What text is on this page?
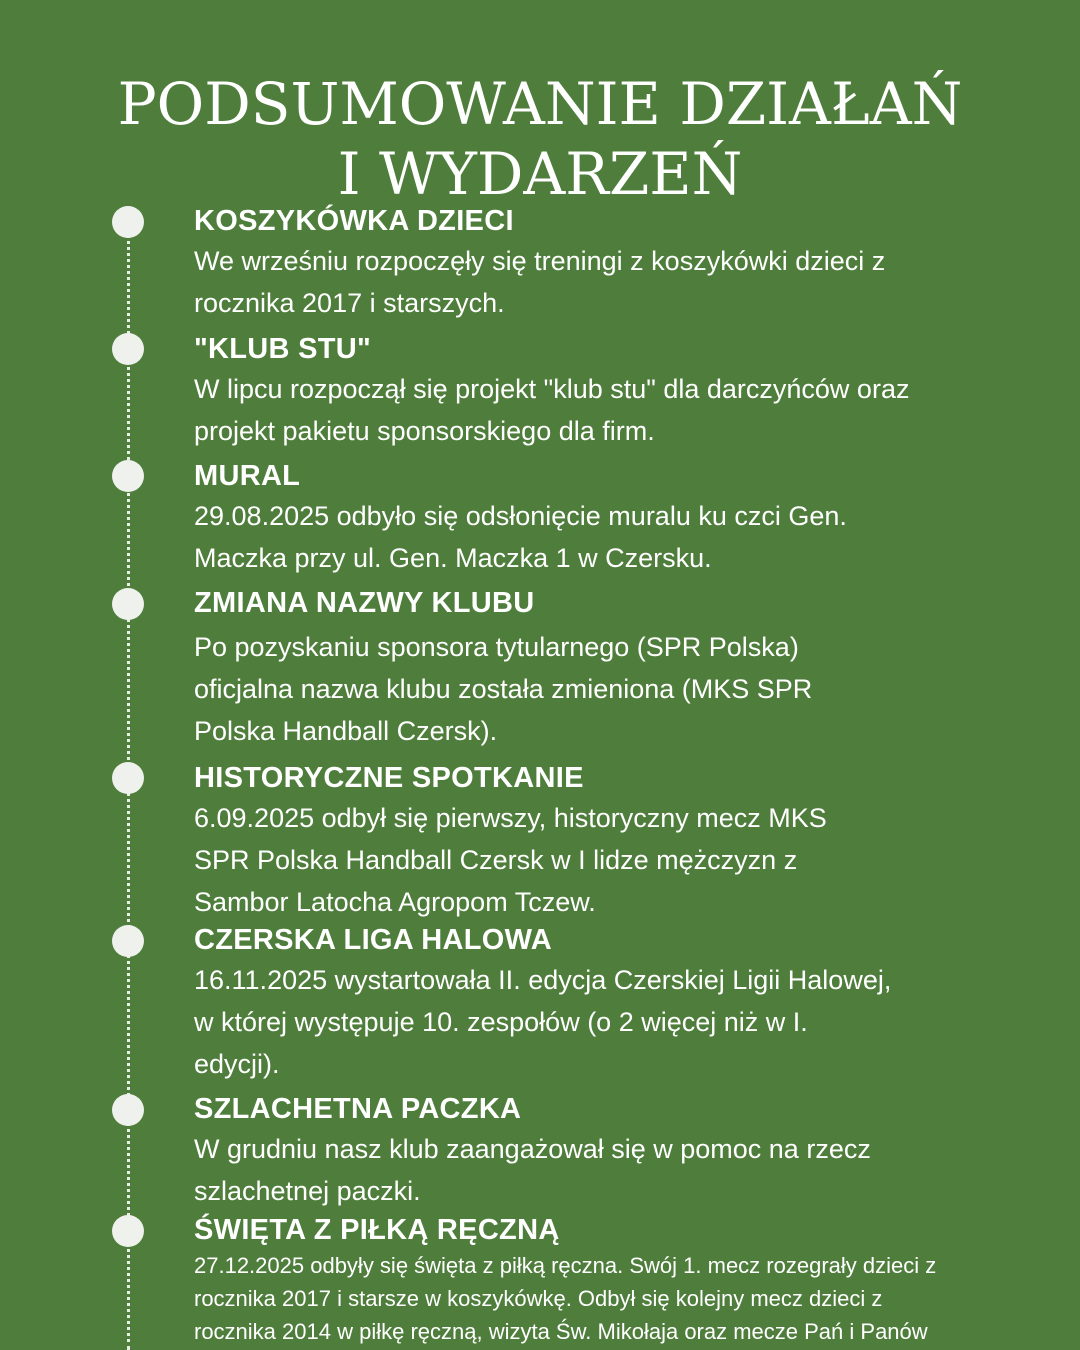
PODSUMOWANIE DZIAŁAŃ
I WYDARZEŃ
KOSZYKÓWKA DZIECI
We wrześniu rozpoczęły się treningi z koszykówki dzieci z
rocznika 2017 i starszych.
"KLUB STU"
W lipcu rozpoczął się projekt "klub stu" dla darczyńców oraz
projekt pakietu sponsorskiego dla firm.
MURAL
29.08.2025 odbyło się odsłonięcie muralu ku czci Gen.
Maczka przy ul. Gen. Maczka 1 w Czersku.
ZMIANA NAZWY KLUBU
Po pozyskaniu sponsora tytularnego (SPR Polska)
oficjalna nazwa klubu została zmieniona (MKS SPR
Polska Handball Czersk).
HISTORYCZNE SPOTKANIE
6.09.2025 odbył się pierwszy, historyczny mecz MKS
SPR Polska Handball Czersk w I lidze mężczyzn z
Sambor Latocha Agropom Tczew.
CZERSKA LIGA HALOWA
16.11.2025 wystartowała II. edycja Czerskiej Ligii Halowej,
w której występuje 10. zespołów (o 2 więcej niż w I.
edycji).
SZLACHETNA PACZKA
W grudniu nasz klub zaangażował się w pomoc na rzecz
szlachetnej paczki.
ŚWIĘTA Z PIŁKĄ RĘCZNĄ
27.12.2025 odbyły się święta z piłką ręczna. Swój 1. mecz rozegrały dzieci z
rocznika 2017 i starsze w koszykówkę. Odbył się kolejny mecz dzieci z
rocznika 2014 w piłkę ręczną, wizyta Św. Mikołaja oraz mecze Pań i Panów
